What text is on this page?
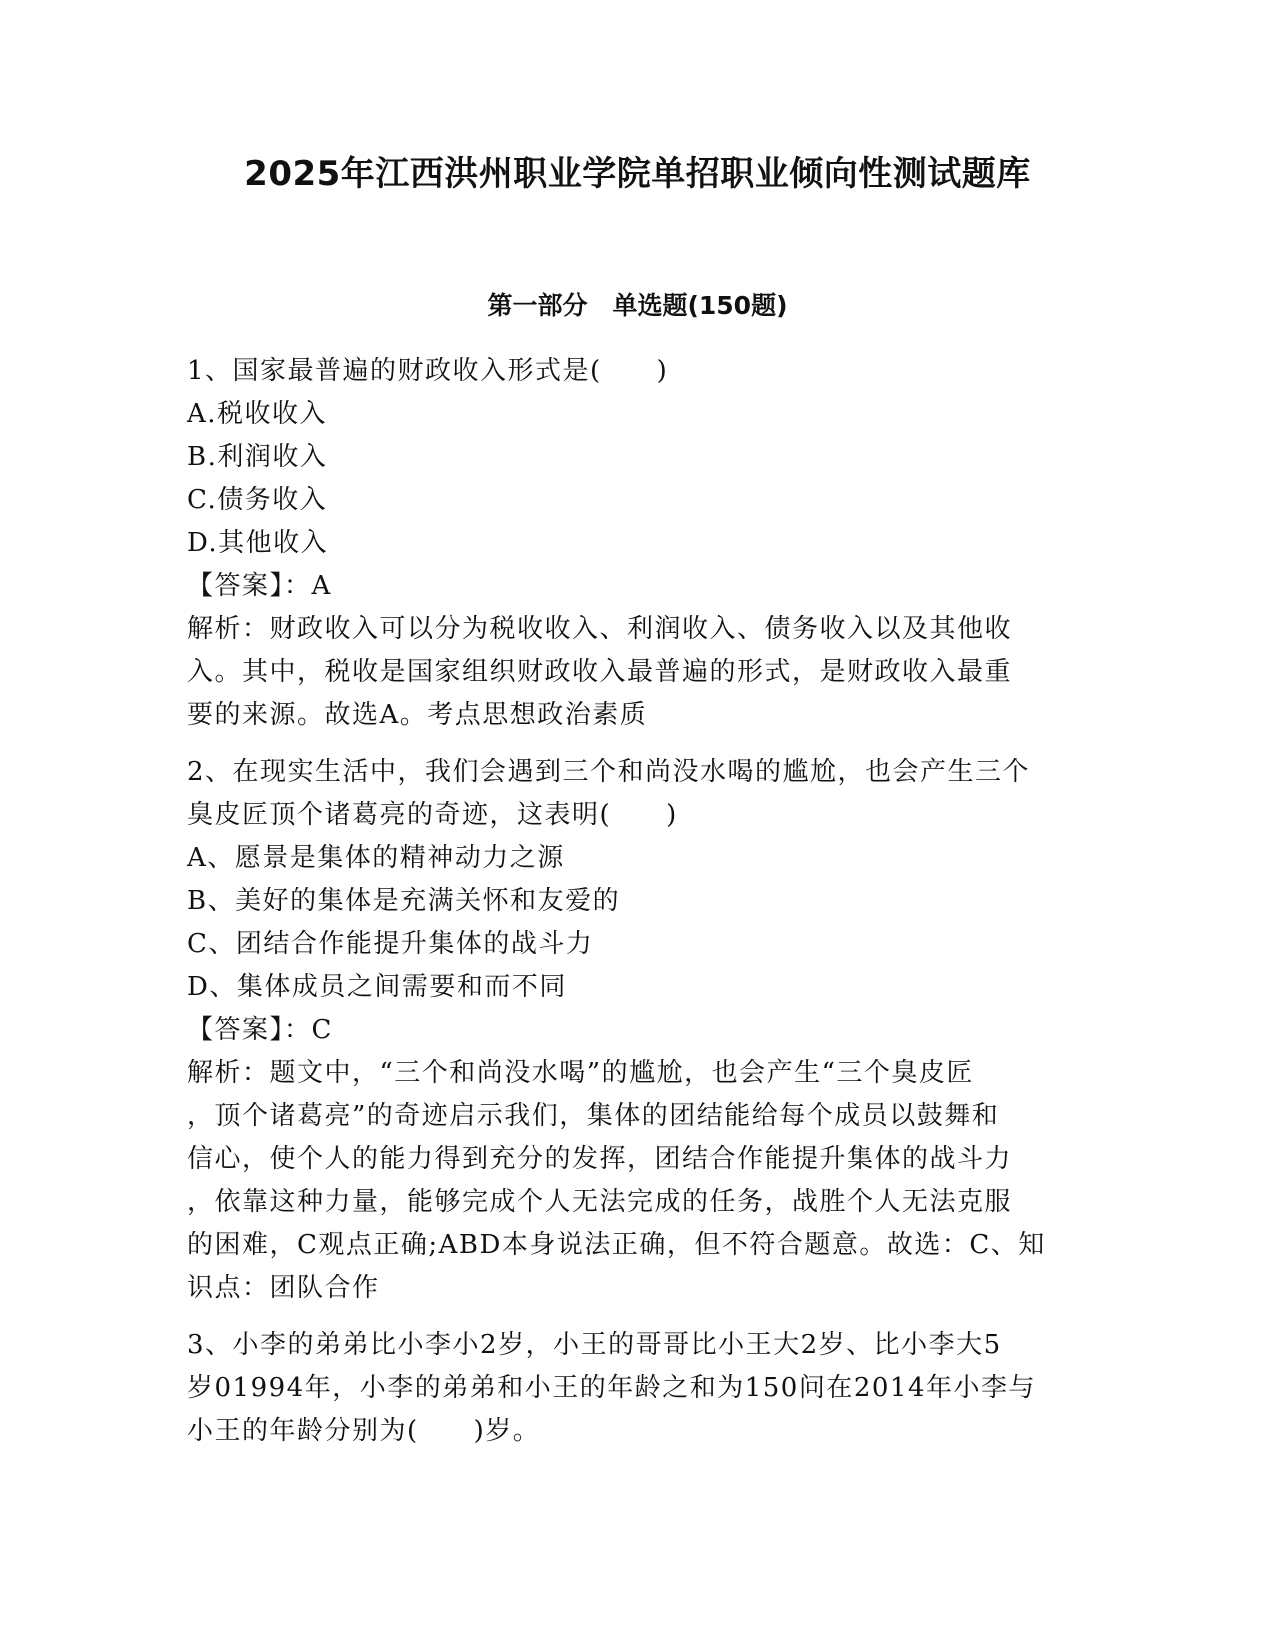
2025年江西洪州职业学院单招职业倾向性测试题库
第一部分　单选题(150题)
1、国家最普遍的财政收入形式是(　　)
A.税收收入
B.利润收入
C.债务收入
D.其他收入
【答案】：A
解析：财政收入可以分为税收收入、利润收入、债务收入以及其他收
入。其中，税收是国家组织财政收入最普遍的形式，是财政收入最重
要的来源。故选A。考点思想政治素质
2、在现实生活中，我们会遇到三个和尚没水喝的尴尬，也会产生三个
臭皮匠顶个诸葛亮的奇迹，这表明(　　)
A、愿景是集体的精神动力之源
B、美好的集体是充满关怀和友爱的
C、团结合作能提升集体的战斗力
D、集体成员之间需要和而不同
【答案】：C
解析：题文中，“三个和尚没水喝”的尴尬，也会产生“三个臭皮匠
，顶个诸葛亮”的奇迹启示我们，集体的团结能给每个成员以鼓舞和
信心，使个人的能力得到充分的发挥，团结合作能提升集体的战斗力
，依靠这种力量，能够完成个人无法完成的任务，战胜个人无法克服
的困难，C观点正确;ABD本身说法正确，但不符合题意。故选：C、知
识点：团队合作
3、小李的弟弟比小李小2岁，小王的哥哥比小王大2岁、比小李大5
岁01994年，小李的弟弟和小王的年龄之和为150问在2014年小李与
小王的年龄分别为(　　)岁。
